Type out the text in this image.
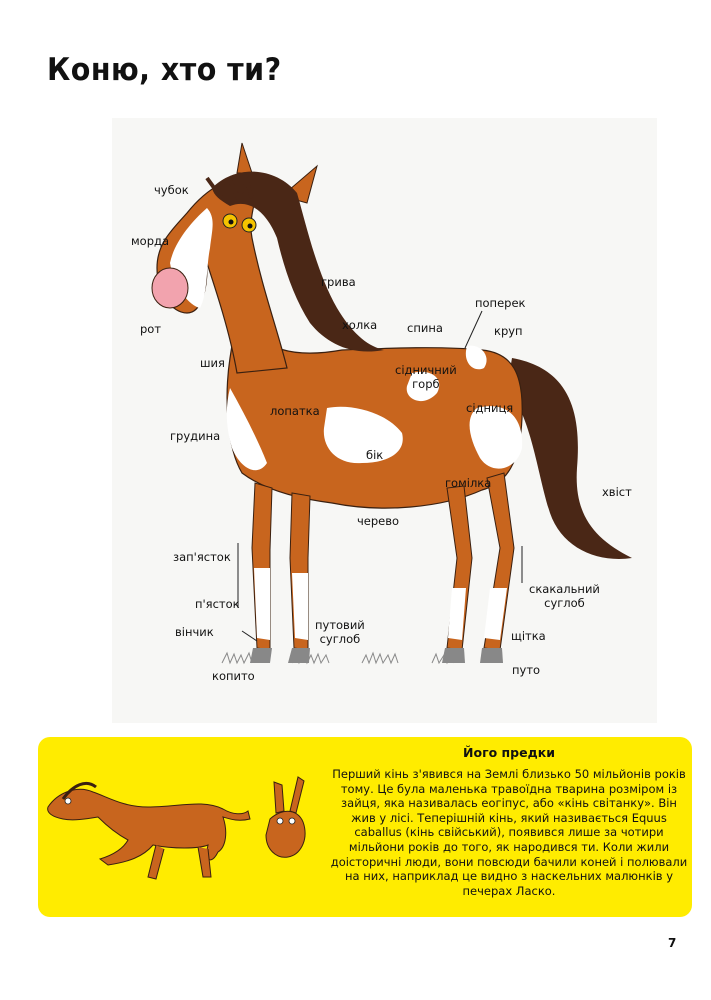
Коню, хто ти?
чубок
морда
рот
грива
холка	спина
поперек
круп
шия	сідничний
горб
лопатка	сідниця
грудина
бік
гомілка
хвіст
черево
зап'ясток
скакальний
суглоб
п'ясток
путовий
суглоб
вінчик	щітка
копито	путо
Його предки

Перший кінь з'явився на Землі близько 50 мільйонів років тому. Це була маленька травоїдна тварина розміром із зайця, яка називалась еогіпус, або «кінь світанку». Він жив у лісі. Теперішній кінь, який називається Equus caballus (кінь свійський), появився лише за чотири мільйони років до того, як народився ти. Коли жили доісторичні люди, вони повсюди бачили коней і полювали на них, наприклад це видно з наскельних малюнків у печерах Ласко.

7
